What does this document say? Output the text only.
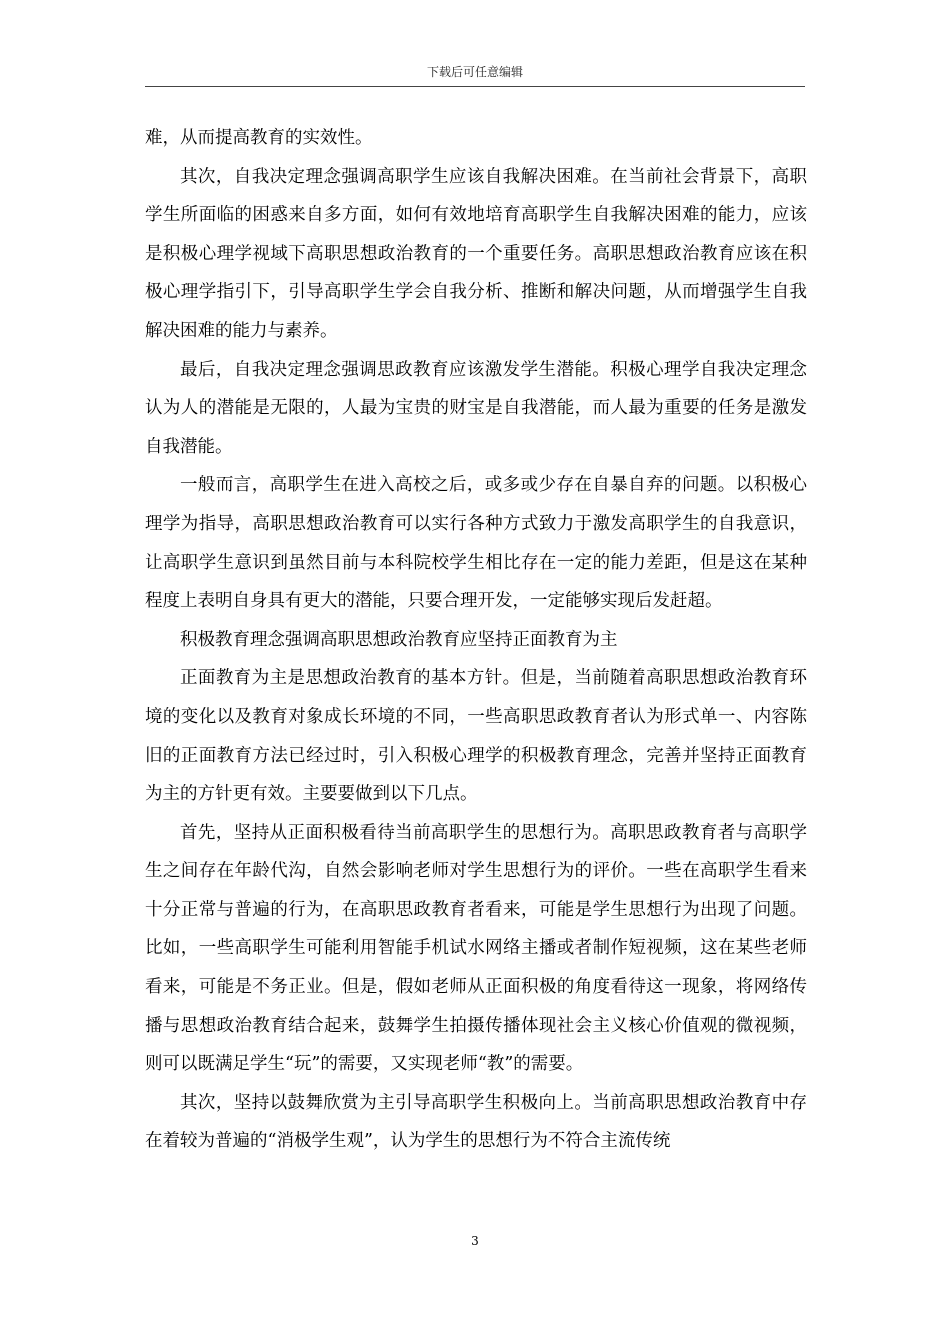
下载后可任意编辑

难，从而提高教育的实效性。

其次，自我决定理念强调高职学生应该自我解决困难。在当前社会背景下，高职学生所面临的困惑来自多方面，如何有效地培育高职学生自我解决困难的能力，应该是积极心理学视域下高职思想政治教育的一个重要任务。高职思想政治教育应该在积极心理学指引下，引导高职学生学会自我分析、推断和解决问题，从而增强学生自我解决困难的能力与素养。

最后，自我决定理念强调思政教育应该激发学生潜能。积极心理学自我决定理念认为人的潜能是无限的，人最为宝贵的财宝是自我潜能，而人最为重要的任务是激发自我潜能。

一般而言，高职学生在进入高校之后，或多或少存在自暴自弃的问题。以积极心理学为指导，高职思想政治教育可以实行各种方式致力于激发高职学生的自我意识，让高职学生意识到虽然目前与本科院校学生相比存在一定的能力差距，但是这在某种程度上表明自身具有更大的潜能，只要合理开发，一定能够实现后发赶超。

积极教育理念强调高职思想政治教育应坚持正面教育为主

正面教育为主是思想政治教育的基本方针。但是，当前随着高职思想政治教育环境的变化以及教育对象成长环境的不同，一些高职思政教育者认为形式单一、内容陈旧的正面教育方法已经过时，引入积极心理学的积极教育理念，完善并坚持正面教育为主的方针更有效。主要要做到以下几点。

首先，坚持从正面积极看待当前高职学生的思想行为。高职思政教育者与高职学生之间存在年龄代沟，自然会影响老师对学生思想行为的评价。一些在高职学生看来十分正常与普遍的行为，在高职思政教育者看来，可能是学生思想行为出现了问题。比如，一些高职学生可能利用智能手机试水网络主播或者制作短视频，这在某些老师看来，可能是不务正业。但是，假如老师从正面积极的角度看待这一现象，将网络传播与思想政治教育结合起来，鼓舞学生拍摄传播体现社会主义核心价值观的微视频，则可以既满足学生“玩”的需要，又实现老师“教”的需要。

其次，坚持以鼓舞欣赏为主引导高职学生积极向上。当前高职思想政治教育中存在着较为普遍的“消极学生观”，认为学生的思想行为不符合主流传统

3
